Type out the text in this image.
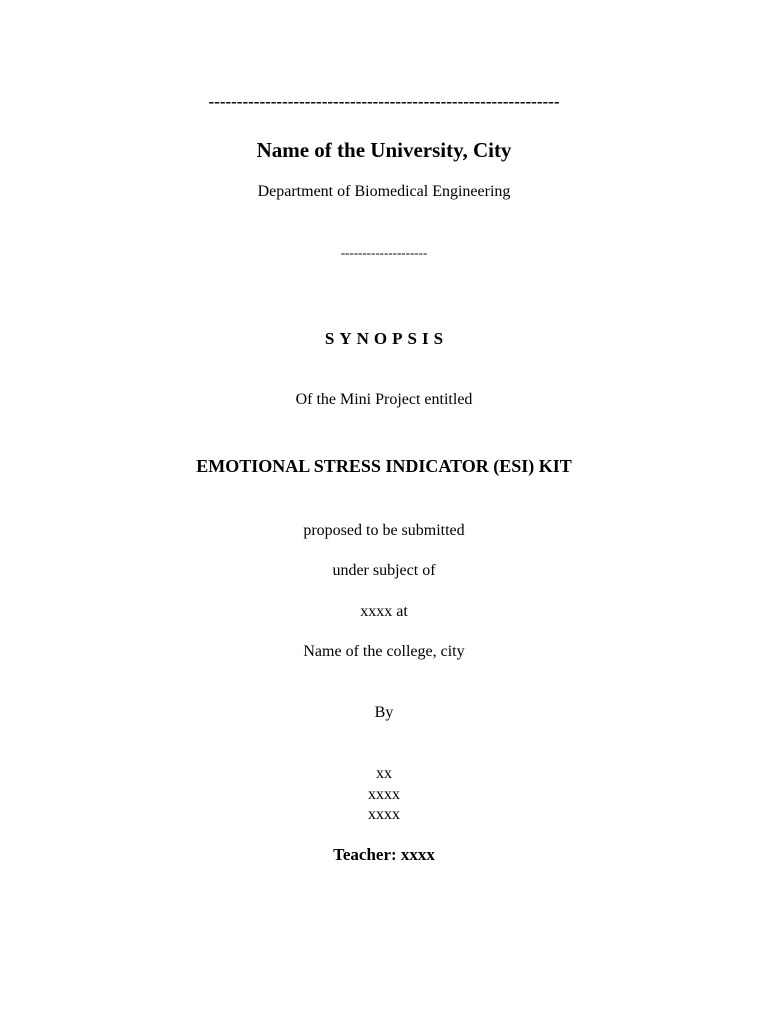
--------------------------------------------------------------
Name of the University, City
Department of Biomedical Engineering
--------------------
SYNOPSIS
Of the Mini Project entitled
EMOTIONAL STRESS INDICATOR (ESI) KIT
proposed to be submitted
under subject of
xxxx at
Name of the college, city
By
xx
xxxx
xxxx
Teacher: xxxx
